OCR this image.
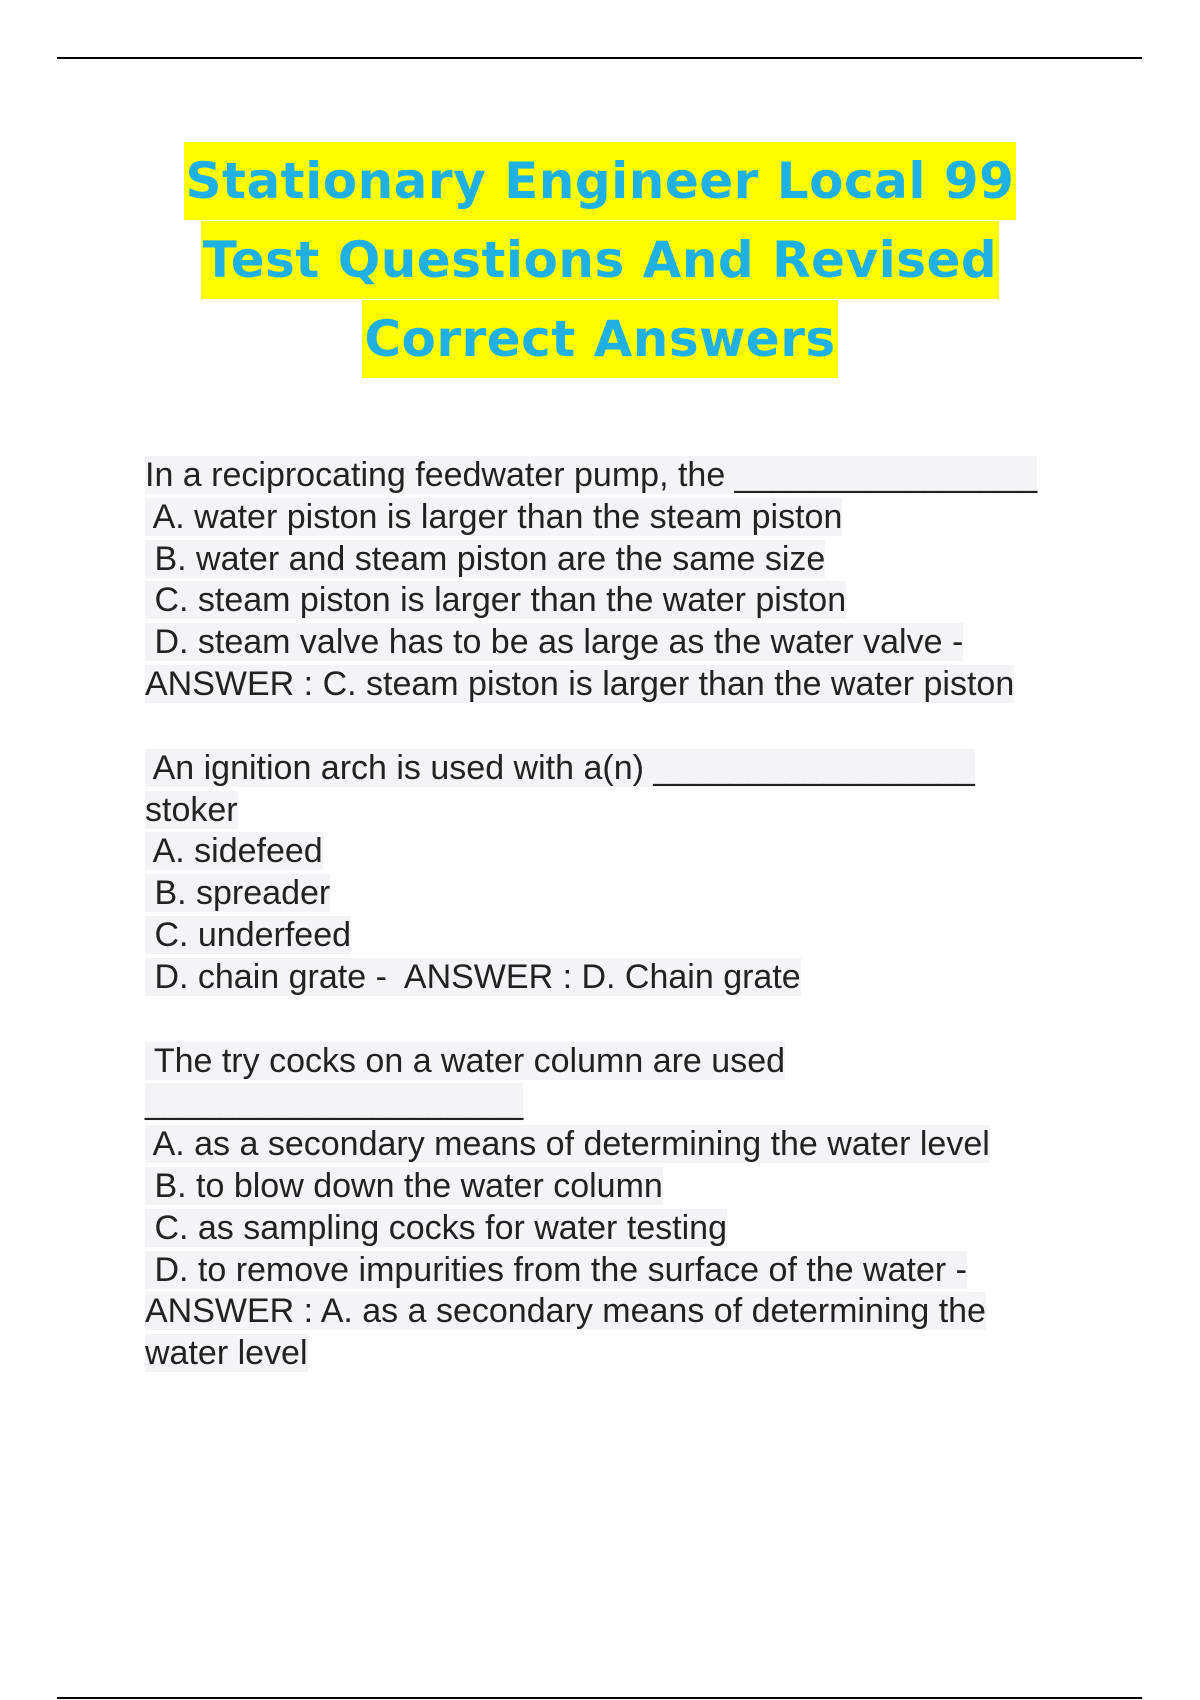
Stationary Engineer Local 99
Test Questions And Revised
Correct Answers
In a reciprocating feedwater pump, the ________________
A. water piston is larger than the steam piston
B. water and steam piston are the same size
C. steam piston is larger than the water piston
D. steam valve has to be as large as the water valve -
ANSWER : C. steam piston is larger than the water piston
An ignition arch is used with a(n) _________________
stoker
A. sidefeed
B. spreader
C. underfeed
D. chain grate -  ANSWER : D. Chain grate
The try cocks on a water column are used
____________________
A. as a secondary means of determining the water level
B. to blow down the water column
C. as sampling cocks for water testing
D. to remove impurities from the surface of the water -
ANSWER : A. as a secondary means of determining the
water level
